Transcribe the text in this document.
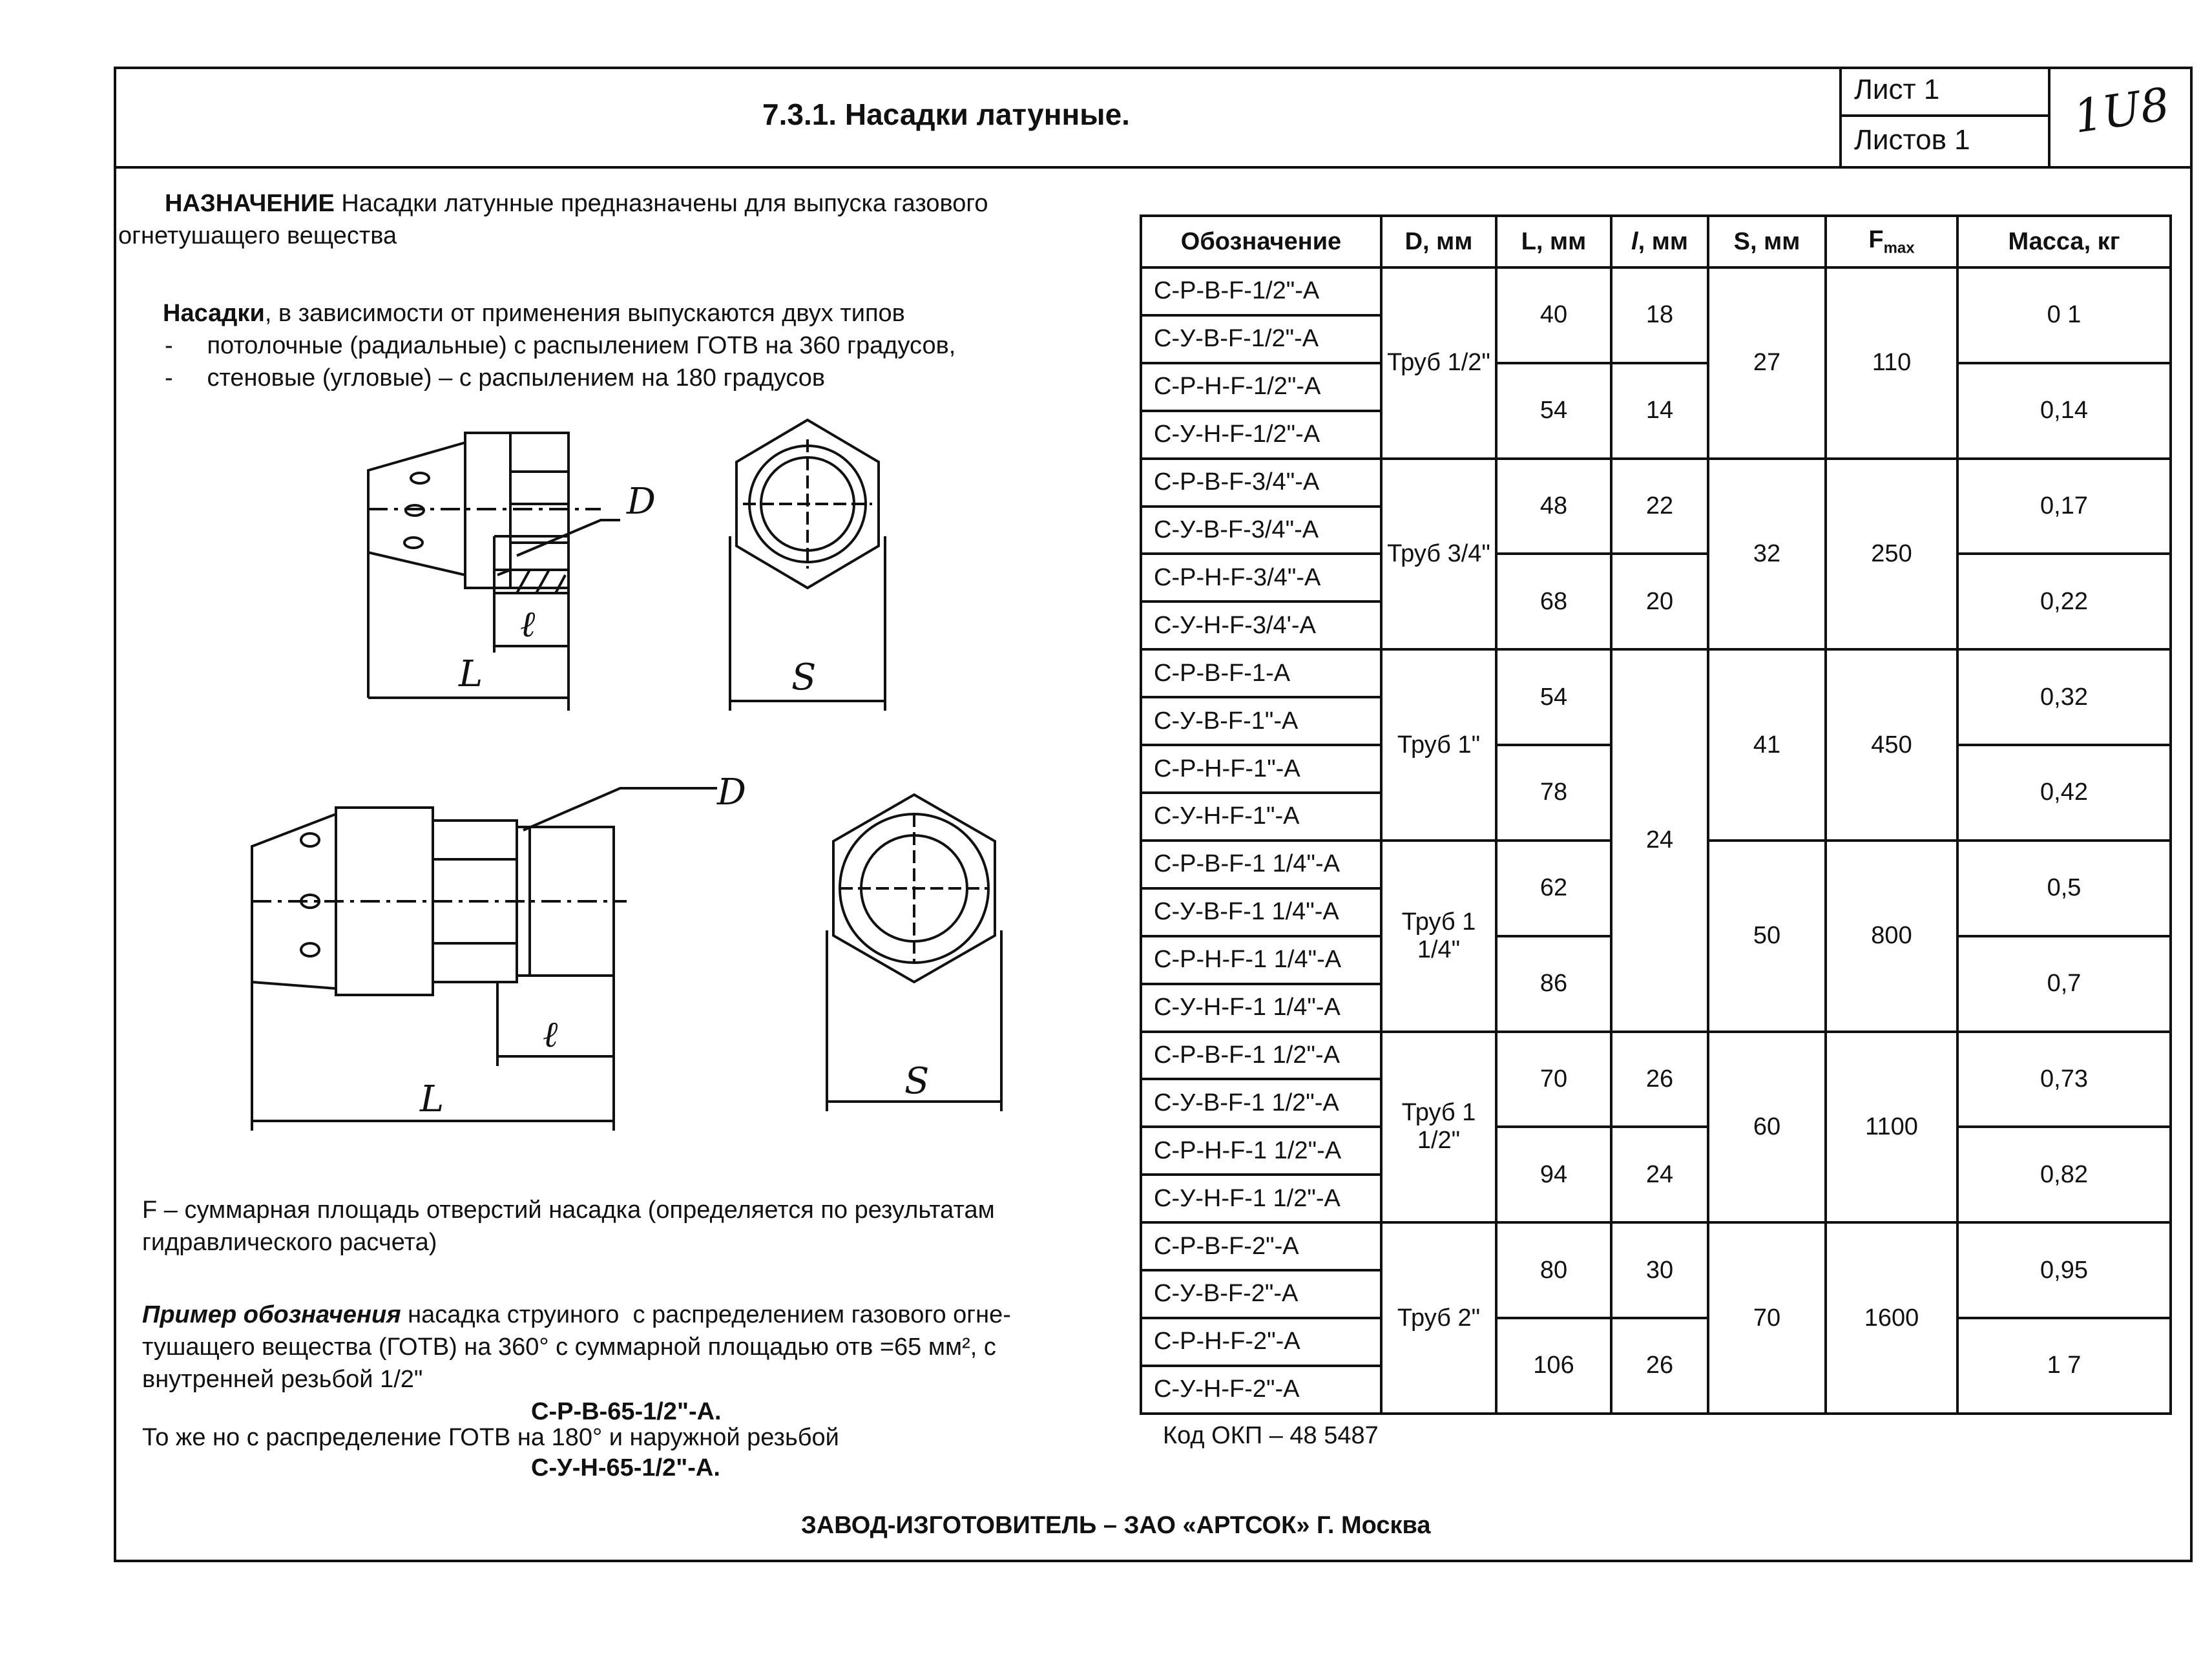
7.3.1. Насадки латунные.
Лист 1
Листов 1 1U8
НАЗНАЧЕНИЕ Насадки латунные предназначены для выпуска газового
огнетушащего вещества
Насадки, в зависимости от применения выпускаются двух типов
-     потолочные (радиальные) с распылением ГОТВ на 360 градусов,
-     стеновые (угловые) – с распылением на 180 градусов
D
ℓ
L	S
D
ℓ
L	S
F – суммарная площадь отверстий насадка (определяется по результатам
гидравлического расчета)
Пример обозначения насадка струиного  с распределением газового огне-
тушащего вещества (ГОТВ) на 360° с суммарной площадью отв =65 мм², с
внутренней резьбой 1/2"
С-Р-В-65-1/2"-А.
То же но с распределение ГОТВ на 180° и наружной резьбой
С-У-Н-65-1/2"-А.
Обозначение	D, мм	L, мм	l, мм	S, мм	$F_{max}$	Масса, кг
С-Р-В-F-1/2"-А	Труб 1/2"	40	18	27	110	0 1
С-У-В-F-1/2"-А						
С-Р-Н-F-1/2"-А		54	14			0,14
С-У-Н-F-1/2"-А						
С-Р-В-F-3/4"-А	Труб 3/4"	48	22	32	250	0,17
С-У-В-F-3/4"-А						
С-Р-Н-F-3/4"-А		68	20			0,22
С-У-Н-F-3/4'-А						
С-Р-В-F-1-А	Труб 1"	54	24	41	450	0,32
С-У-В-F-1"-А						
С-Р-Н-F-1"-А		78				0,42
С-У-Н-F-1"-А						
С-Р-В-F-1 1/4"-А	Труб 1 1/4"	62		50	800	0,5
С-У-В-F-1 1/4"-А						
С-Р-Н-F-1 1/4"-А		86				0,7
С-У-Н-F-1 1/4"-А						
С-Р-В-F-1 1/2"-А	Труб 1 1/2"	70	26	60	1100	0,73
С-У-В-F-1 1/2"-А						
С-Р-Н-F-1 1/2"-А		94	24			0,82
С-У-Н-F-1 1/2"-А						
С-Р-В-F-2"-А	Труб 2"	80	30	70	1600	0,95
С-У-В-F-2"-А						
С-Р-Н-F-2"-А		106	26			1 7
С-У-Н-F-2"-А						
Код ОКП – 48 5487
ЗАВОД-ИЗГОТОВИТЕЛЬ – ЗАО «АРТСОК» Г. Москва
